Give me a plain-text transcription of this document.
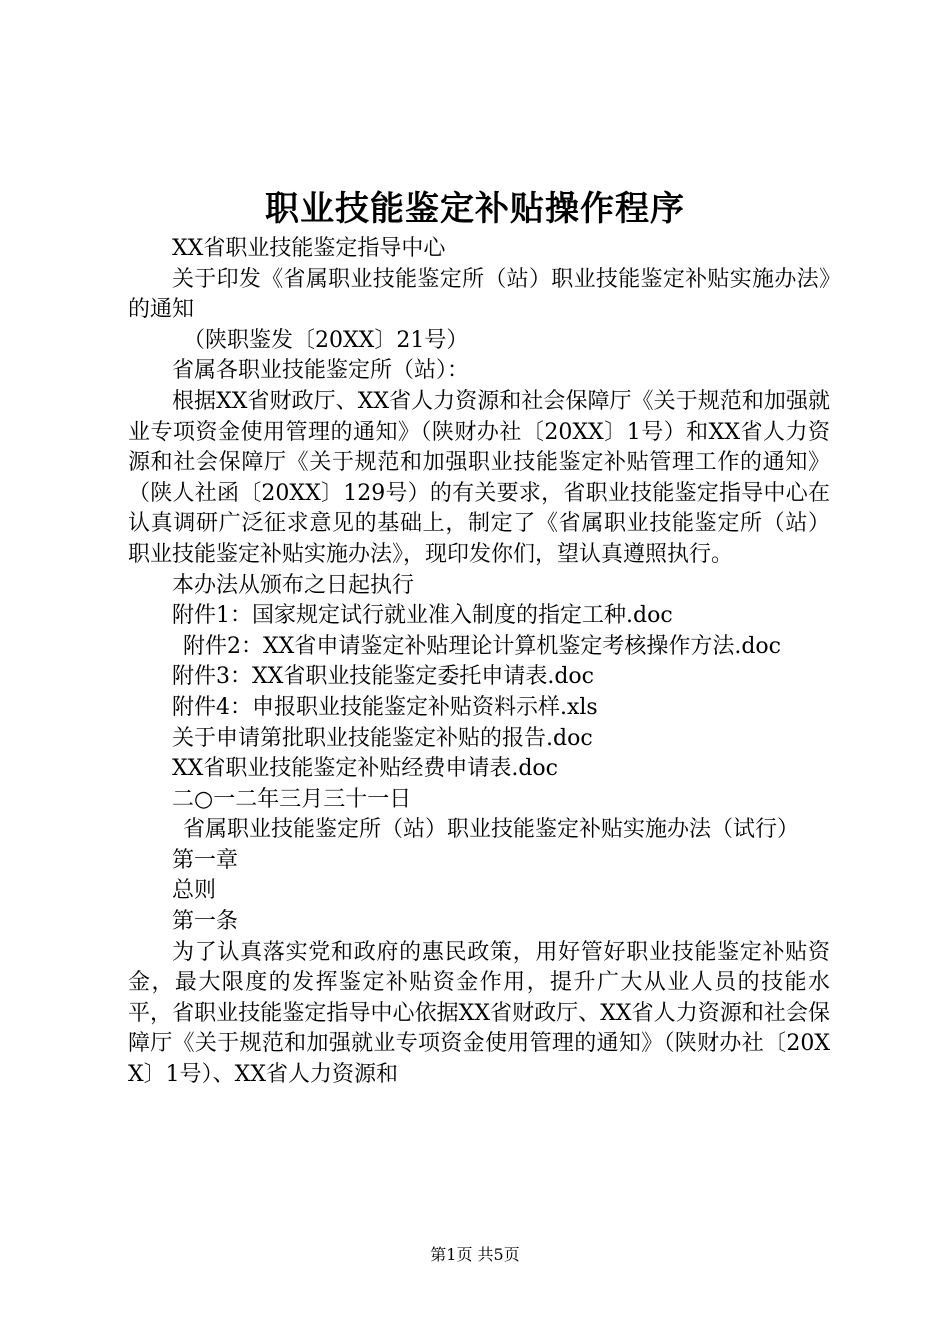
职业技能鉴定补贴操作程序

XX省职业技能鉴定指导中心

关于印发《省属职业技能鉴定所（站）职业技能鉴定补贴实施办法》的通知

（陕职鉴发〔20XX〕21号）

省属各职业技能鉴定所（站）：

根据XX省财政厅、XX省人力资源和社会保障厅《关于规范和加强就业专项资金使用管理的通知》（陕财办社〔20XX〕1号）和XX省人力资源和社会保障厅《关于规范和加强职业技能鉴定补贴管理工作的通知》（陕人社函〔20XX〕129号）的有关要求，省职业技能鉴定指导中心在认真调研广泛征求意见的基础上，制定了《省属职业技能鉴定所（站）职业技能鉴定补贴实施办法》，现印发你们，望认真遵照执行。

本办法从颁布之日起执行

附件1：国家规定试行就业准入制度的指定工种.doc

附件2：XX省申请鉴定补贴理论计算机鉴定考核操作方法.doc

附件3：XX省职业技能鉴定委托申请表.doc

附件4：申报职业技能鉴定补贴资料示样.xls

关于申请第批职业技能鉴定补贴的报告.doc

XX省职业技能鉴定补贴经费申请表.doc

二○一二年三月三十一日

省属职业技能鉴定所（站）职业技能鉴定补贴实施办法（试行）

第一章

总则

第一条

为了认真落实党和政府的惠民政策，用好管好职业技能鉴定补贴资金，最大限度的发挥鉴定补贴资金作用，提升广大从业人员的技能水平，省职业技能鉴定指导中心依据XX省财政厅、XX省人力资源和社会保障厅《关于规范和加强就业专项资金使用管理的通知》（陕财办社〔20XX〕1号）、XX省人力资源和

第1页 共5页
